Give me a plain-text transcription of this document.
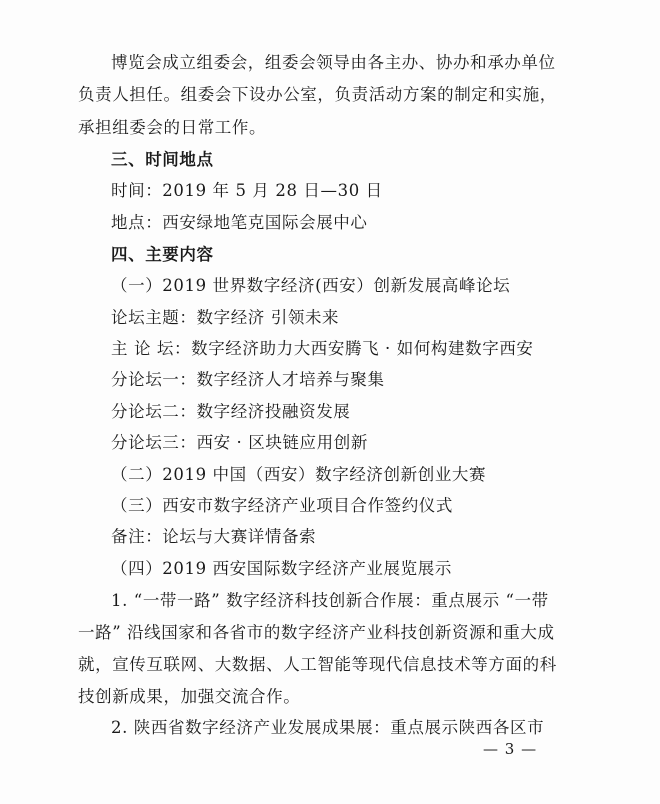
博览会成立组委会，组委会领导由各主办、协办和承办单位
负责人担任。组委会下设办公室，负责活动方案的制定和实施，
承担组委会的日常工作。
三、时间地点
时间：2019 年 5 月 28 日—30 日
地点：西安绿地笔克国际会展中心
四、主要内容
（一）2019 世界数字经济(西安）创新发展高峰论坛
论坛主题：数字经济 引领未来
主 论 坛：数字经济助力大西安腾飞 · 如何构建数字西安
分论坛一：数字经济人才培养与聚集
分论坛二：数字经济投融资发展
分论坛三：西安 · 区块链应用创新
（二）2019 中国（西安）数字经济创新创业大赛
（三）西安市数字经济产业项目合作签约仪式
备注：论坛与大赛详情备索
（四）2019 西安国际数字经济产业展览展示
1. “一带一路” 数字经济科技创新合作展：重点展示 “一带
一路” 沿线国家和各省市的数字经济产业科技创新资源和重大成
就，宣传互联网、大数据、人工智能等现代信息技术等方面的科
技创新成果，加强交流合作。
2. 陕西省数字经济产业发展成果展：重点展示陕西各区市
— 3 —
